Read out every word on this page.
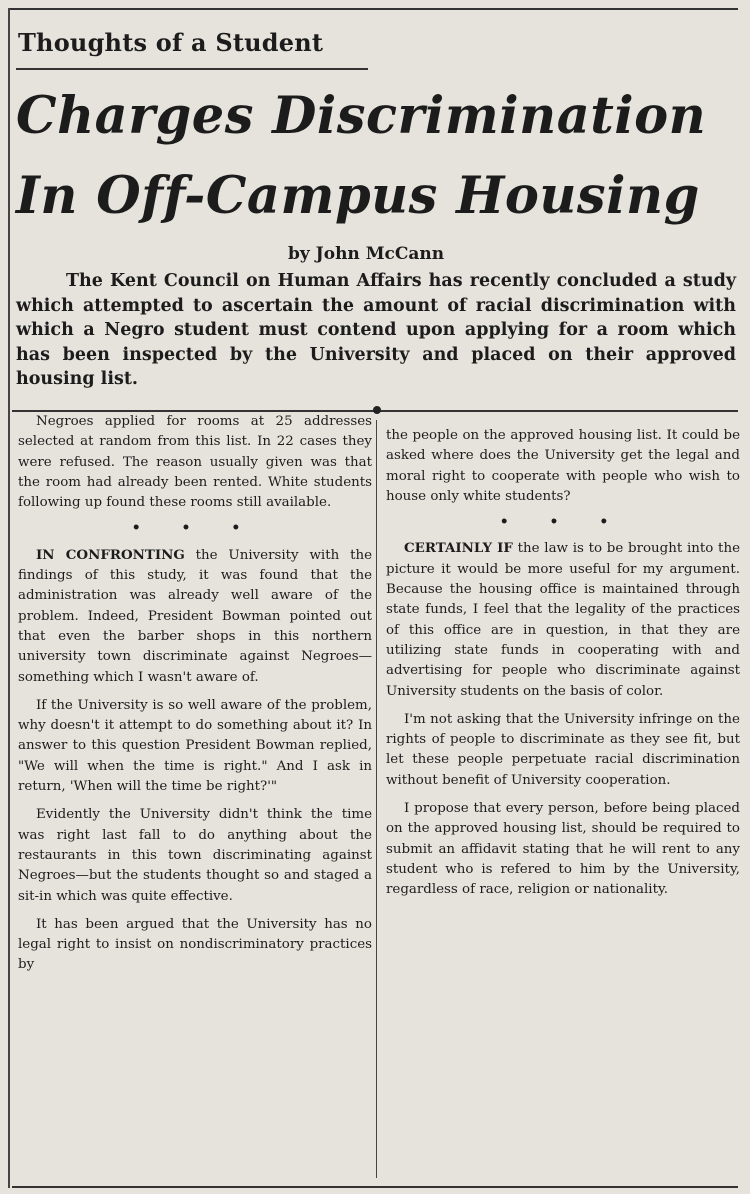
Thoughts of a Student
Charges Discrimination In Off-Campus Housing
by John McCann

The Kent Council on Human Affairs has recently concluded a study which attempted to ascertain the amount of racial discrimination with which a Negro student must contend upon applying for a room which has been inspected by the University and placed on their approved housing list.

Negroes applied for rooms at 25 addresses selected at random from this list. In 22 cases they were refused. The reason usually given was that the room had already been rented. White students following up found these rooms still available.

• • •

IN CONFRONTING the University with the findings of this study, it was found that the administration was already well aware of the problem. Indeed, President Bowman pointed out that even the barber shops in this northern university town discriminate against Negroes—something which I wasn't aware of.

If the University is so well aware of the problem, why doesn't it attempt to do something about it? In answer to this question President Bowman replied, "We will when the time is right." And I ask in return, 'When will the time be right?'"

Evidently the University didn't think the time was right last fall to do anything about the restaurants in this town discriminating against Negroes—but the students thought so and staged a sit-in which was quite effective.

It has been argued that the University has no legal right to insist on nondiscriminatory practices by

the people on the approved housing list. It could be asked where does the University get the legal and moral right to cooperate with people who wish to house only white students?

• • •

CERTAINLY IF the law is to be brought into the picture it would be more useful for my argument. Because the housing office is maintained through state funds, I feel that the legality of the practices of this office are in question, in that they are utilizing state funds in cooperating with and advertising for people who discriminate against University students on the basis of color.

I'm not asking that the University infringe on the rights of people to discriminate as they see fit, but let these people perpetuate racial discrimination without benefit of University cooperation.

I propose that every person, before being placed on the approved housing list, should be required to submit an affidavit stating that he will rent to any student who is refered to him by the University, regardless of race, religion or nationality.
